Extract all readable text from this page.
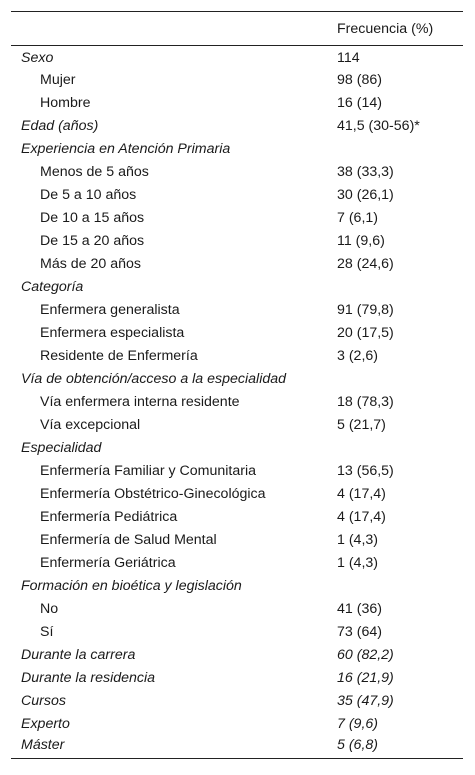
	Frecuencia (%)
Sexo	114
Mujer	98 (86)
Hombre	16 (14)
Edad (años)	41,5 (30-56)*
Experiencia en Atención Primaria	
Menos de 5 años	38 (33,3)
De 5 a 10 años	30 (26,1)
De 10 a 15 años	7 (6,1)
De 15 a 20 años	11 (9,6)
Más de 20 años	28 (24,6)
Categoría	
Enfermera generalista	91 (79,8)
Enfermera especialista	20 (17,5)
Residente de Enfermería	3 (2,6)
Vía de obtención/acceso a la especialidad	
Vía enfermera interna residente	18 (78,3)
Vía excepcional	5 (21,7)
Especialidad	
Enfermería Familiar y Comunitaria	13 (56,5)
Enfermería Obstétrico-Ginecológica	4 (17,4)
Enfermería Pediátrica	4 (17,4)
Enfermería de Salud Mental	1 (4,3)
Enfermería Geriátrica	1 (4,3)
Formación en bioética y legislación	
No	41 (36)
Sí	73 (64)
Durante la carrera	60 (82,2)
Durante la residencia	16 (21,9)
Cursos	35 (47,9)
Experto	7 (9,6)
Máster	5 (6,8)
